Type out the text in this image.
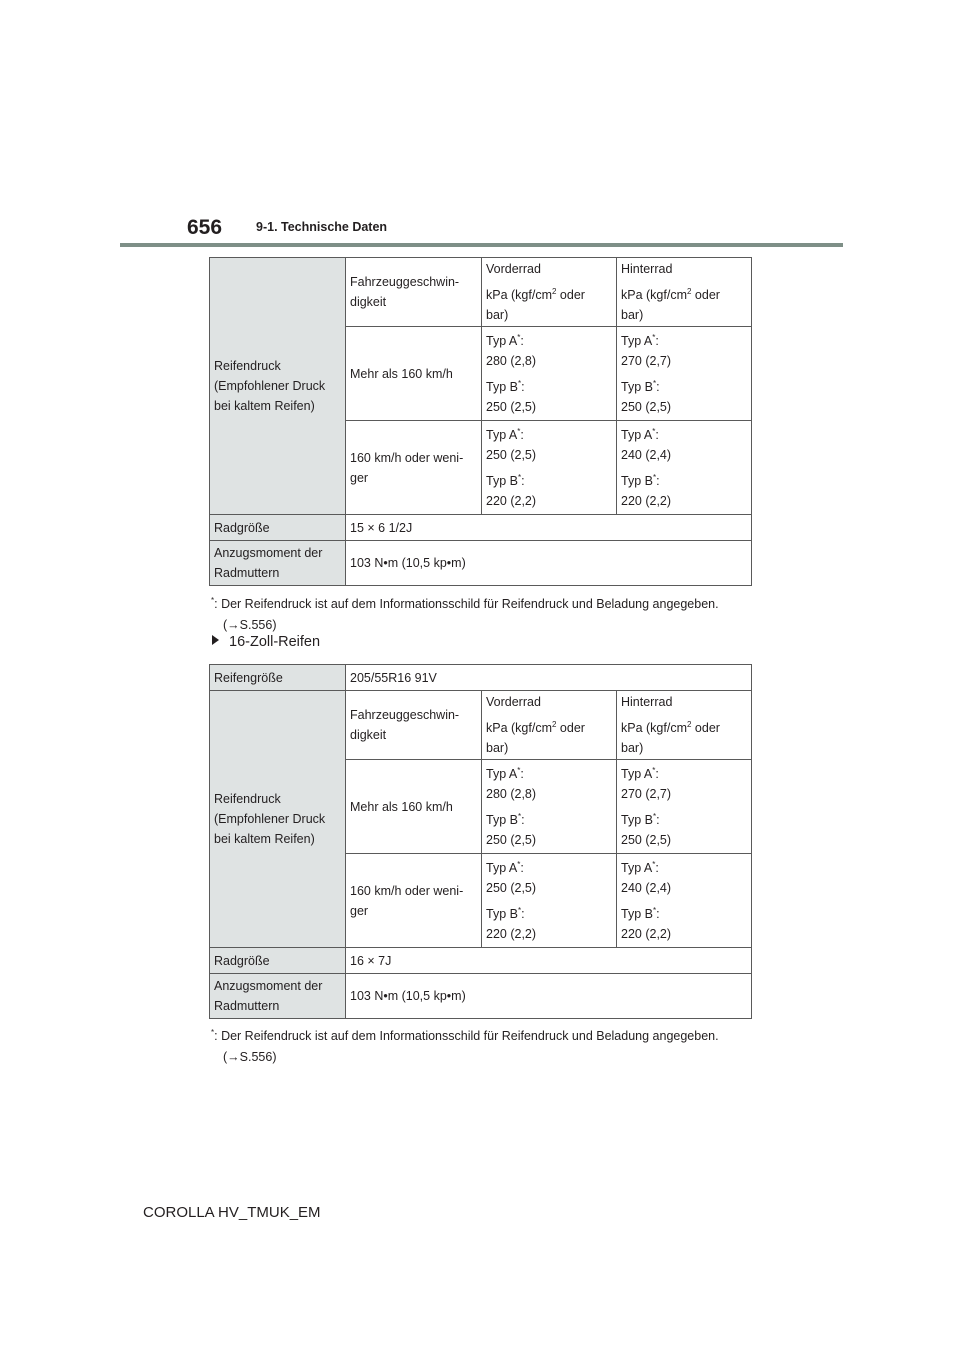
656	9-1. Technische Daten
Reifendruck
(Empfohlener Druck
bei kaltem Reifen)	Fahrzeuggeschwin-
digkeit	Vorderrad
kPa ($kgf/cm^2$ oder
bar)	Hinterrad
kPa ($kgf/cm^2$ oder
bar)

	Mehr als 160 km/h	Typ A*:
280 (2,8)
Typ B*:
250 (2,5)	Typ A*:
270 (2,7)
Typ B*:
250 (2,5)

	160 km/h oder weni-
ger	Typ A*:
250 (2,5)
Typ B*:
220 (2,2)	Typ A*:
240 (2,4)
Typ B*:
220 (2,2)

Radgröße	15 × 6 1/2J		

Anzugsmoment der
Radmuttern	103 N•m (10,5 kp•m)		
*: Der Reifendruck ist auf dem Informationsschild für Reifendruck und Beladung angegeben.
(→S.556)
16-Zoll-Reifen
Reifengröße	205/55R16 91V		

Reifendruck
(Empfohlener Druck
bei kaltem Reifen)	Fahrzeuggeschwin-
digkeit	Vorderrad
kPa ($kgf/cm^2$ oder
bar)	Hinterrad
kPa ($kgf/cm^2$ oder
bar)

	Mehr als 160 km/h	Typ A*:
280 (2,8)
Typ B*:
250 (2,5)	Typ A*:
270 (2,7)
Typ B*:
250 (2,5)

	160 km/h oder weni-
ger	Typ A*:
250 (2,5)
Typ B*:
220 (2,2)	Typ A*:
240 (2,4)
Typ B*:
220 (2,2)

Radgröße	16 × 7J		

Anzugsmoment der
Radmuttern	103 N•m (10,5 kp•m)		
*: Der Reifendruck ist auf dem Informationsschild für Reifendruck und Beladung angegeben.
(→S.556)
COROLLA HV_TMUK_EM
